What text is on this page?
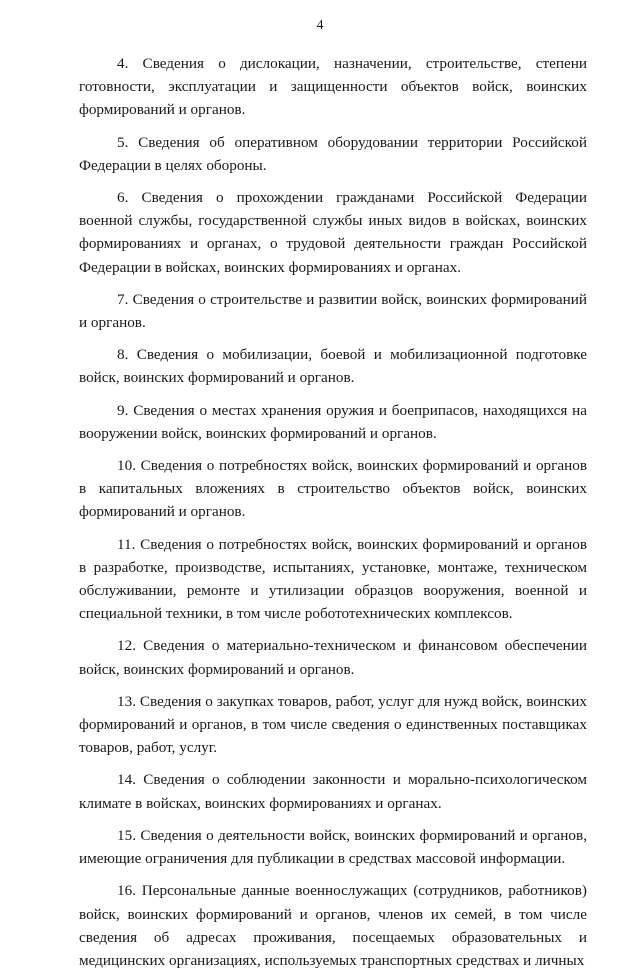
4

4. Сведения о дислокации, назначении, строительстве, степени готовности, эксплуатации и защищенности объектов войск, воинских формирований и органов.

5. Сведения об оперативном оборудовании территории Российской Федерации в целях обороны.

6. Сведения о прохождении гражданами Российской Федерации военной службы, государственной службы иных видов в войсках, воинских формированиях и органах, о трудовой деятельности граждан Российской Федерации в войсках, воинских формированиях и органах.

7. Сведения о строительстве и развитии войск, воинских формирований и органов.

8. Сведения о мобилизации, боевой и мобилизационной подготовке войск, воинских формирований и органов.

9. Сведения о местах хранения оружия и боеприпасов, находящихся на вооружении войск, воинских формирований и органов.

10. Сведения о потребностях войск, воинских формирований и органов в капитальных вложениях в строительство объектов войск, воинских формирований и органов.

11. Сведения о потребностях войск, воинских формирований и органов в разработке, производстве, испытаниях, установке, монтаже, техническом обслуживании, ремонте и утилизации образцов вооружения, военной и специальной техники, в том числе робототехнических комплексов.

12. Сведения о материально-техническом и финансовом обеспечении войск, воинских формирований и органов.

13. Сведения о закупках товаров, работ, услуг для нужд войск, воинских формирований и органов, в том числе сведения о единственных поставщиках товаров, работ, услуг.

14. Сведения о соблюдении законности и морально-психологическом климате в войсках, воинских формированиях и органах.

15. Сведения о деятельности войск, воинских формирований и органов, имеющие ограничения для публикации в средствах массовой информации.

16. Персональные данные военнослужащих (сотрудников, работников) войск, воинских формирований и органов, членов их семей, в том числе сведения об адресах проживания, посещаемых образовательных и медицинских организациях, используемых транспортных средствах и личных
